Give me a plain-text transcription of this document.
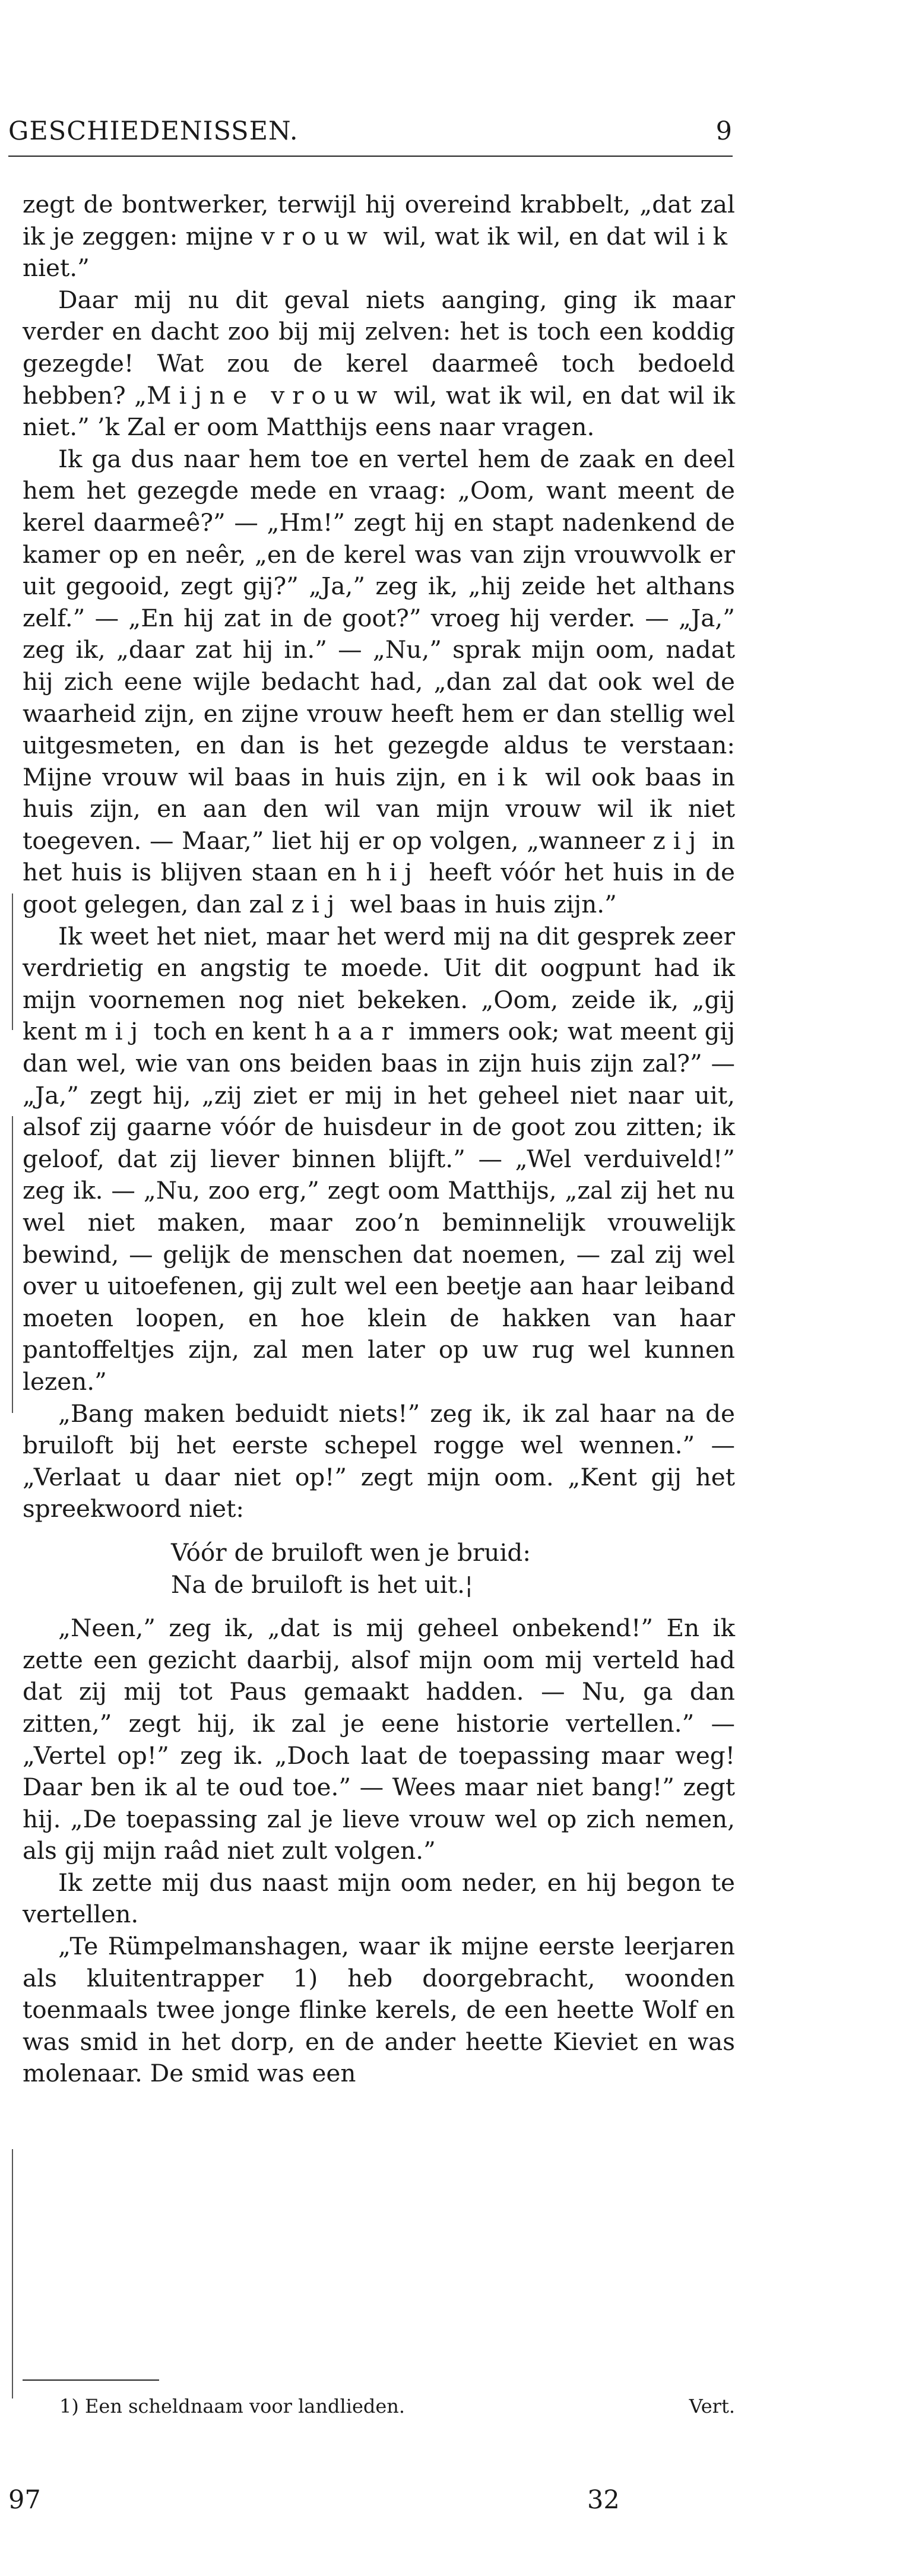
GESCHIEDENISSEN.	9

zegt de bontwerker, terwijl hij overeind krabbelt, „dat zal ik je zeggen: mijne vrouw wil, wat ik wil, en dat wil ik niet.”

Daar mij nu dit geval niets aanging, ging ik maar verder en dacht zoo bij mij zelven: het is toch een koddig gezegde! Wat zou de kerel daarmeê toch bedoeld hebben? „Mijne vrouw wil, wat ik wil, en dat wil ik niet.” ’k Zal er oom Matthijs eens naar vragen.

Ik ga dus naar hem toe en vertel hem de zaak en deel hem het gezegde mede en vraag: „Oom, want meent de kerel daarmeê?” — „Hm!” zegt hij en stapt nadenkend de kamer op en neêr, „en de kerel was van zijn vrouwvolk er uit gegooid, zegt gij?” „Ja,” zeg ik, „hij zeide het althans zelf.” — „En hij zat in de goot?” vroeg hij verder. — „Ja,” zeg ik, „daar zat hij in.” — „Nu,” sprak mijn oom, nadat hij zich eene wijle bedacht had, „dan zal dat ook wel de waarheid zijn, en zijne vrouw heeft hem er dan stellig wel uitgesmeten, en dan is het gezegde aldus te verstaan: Mijne vrouw wil baas in huis zijn, en ik wil ook baas in huis zijn, en aan den wil van mijn vrouw wil ik niet toegeven. — Maar,” liet hij er op volgen, „wanneer zij in het huis is blijven staan en hij heeft vóór het huis in de goot gelegen, dan zal zij wel baas in huis zijn.”

Ik weet het niet, maar het werd mij na dit gesprek zeer verdrietig en angstig te moede. Uit dit oogpunt had ik mijn voornemen nog niet bekeken. „Oom, zeide ik, „gij kent mij toch en kent haar immers ook; wat meent gij dan wel, wie van ons beiden baas in zijn huis zijn zal?” — „Ja,” zegt hij, „zij ziet er mij in het geheel niet naar uit, alsof zij gaarne vóór de huisdeur in de goot zou zitten; ik geloof, dat zij liever binnen blijft.” — „Wel verduiveld!” zeg ik. — „Nu, zoo erg,” zegt oom Matthijs, „zal zij het nu wel niet maken, maar zoo’n beminnelijk vrouwelijk bewind, — gelijk de menschen dat noemen, — zal zij wel over u uitoefenen, gij zult wel een beetje aan haar leiband moeten loopen, en hoe klein de hakken van haar pantoffeltjes zijn, zal men later op uw rug wel kunnen lezen.”

„Bang maken beduidt niets!” zeg ik, ik zal haar na de bruiloft bij het eerste schepel rogge wel wennen.” — „Verlaat u daar niet op!” zegt mijn oom. „Kent gij het spreekwoord niet:

Vóór de bruiloft wen je bruid:
Na de bruiloft is het uit.¦

„Neen,” zeg ik, „dat is mij geheel onbekend!” En ik zette een gezicht daarbij, alsof mijn oom mij verteld had dat zij mij tot Paus gemaakt hadden. — Nu, ga dan zitten,” zegt hij, ik zal je eene historie vertellen.” — „Vertel op!” zeg ik. „Doch laat de toepassing maar weg! Daar ben ik al te oud toe.” — Wees maar niet bang!” zegt hij. „De toepassing zal je lieve vrouw wel op zich nemen, als gij mijn raâd niet zult volgen.”

Ik zette mij dus naast mijn oom neder, en hij begon te vertellen.

„Te Rümpelmanshagen, waar ik mijne eerste leerjaren als kluitentrapper 1) heb doorgebracht, woonden toenmaals twee jonge flinke kerels, de een heette Wolf en was smid in het dorp, en de ander heette Kieviet en was molenaar. De smid was een

1) Een scheldnaam voor landlieden.	Vert.
97	32
